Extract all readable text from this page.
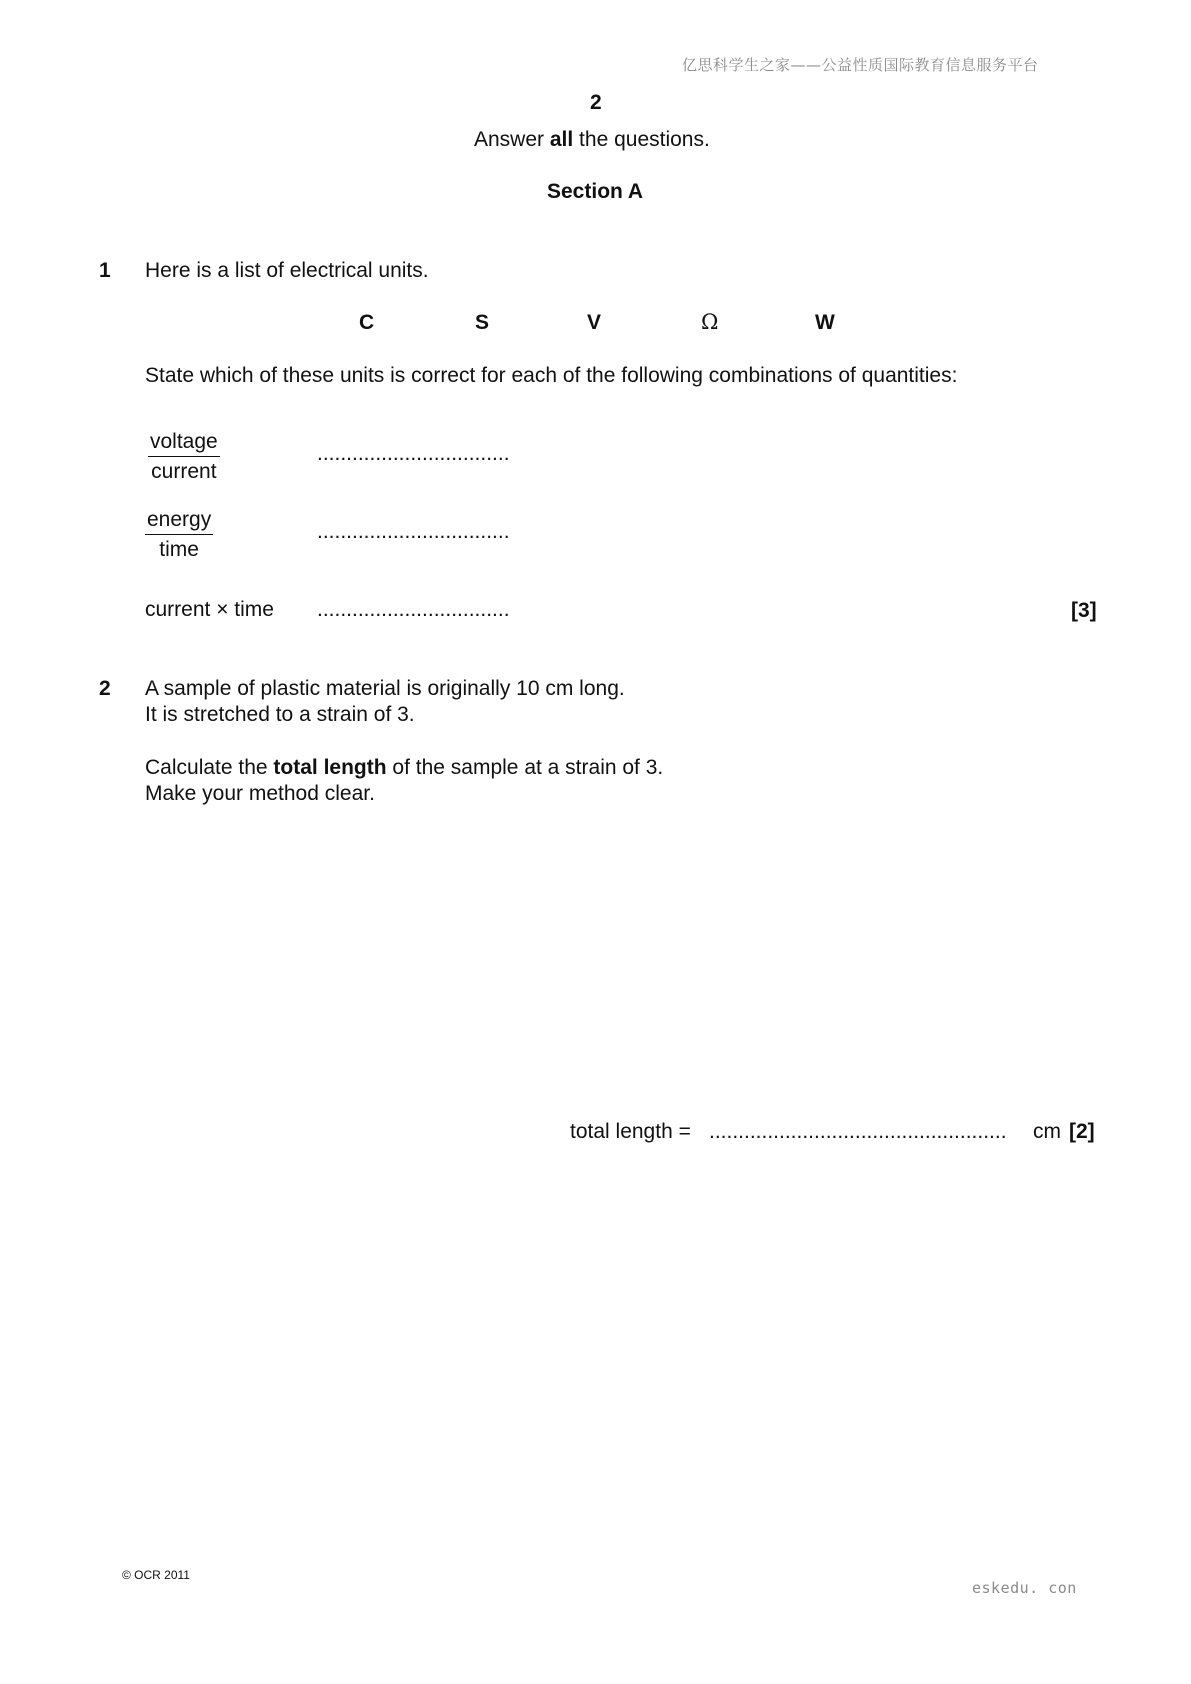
亿思科学生之家——公益性质国际教育信息服务平台
2
Answer all the questions.
Section A
1 Here is a list of electrical units.
C	S	V	Ω	W
State which of these units is correct for each of the following combinations of quantities:
voltage
current
.................................
energy
time
.................................
current × time .................................	[3]
2 A sample of plastic material is originally 10 cm long.
It is stretched to a strain of 3.
Calculate the total length of the sample at a strain of 3.
Make your method clear.
total length = ................................................... cm [2]
© OCR 2011
eskedu. con
